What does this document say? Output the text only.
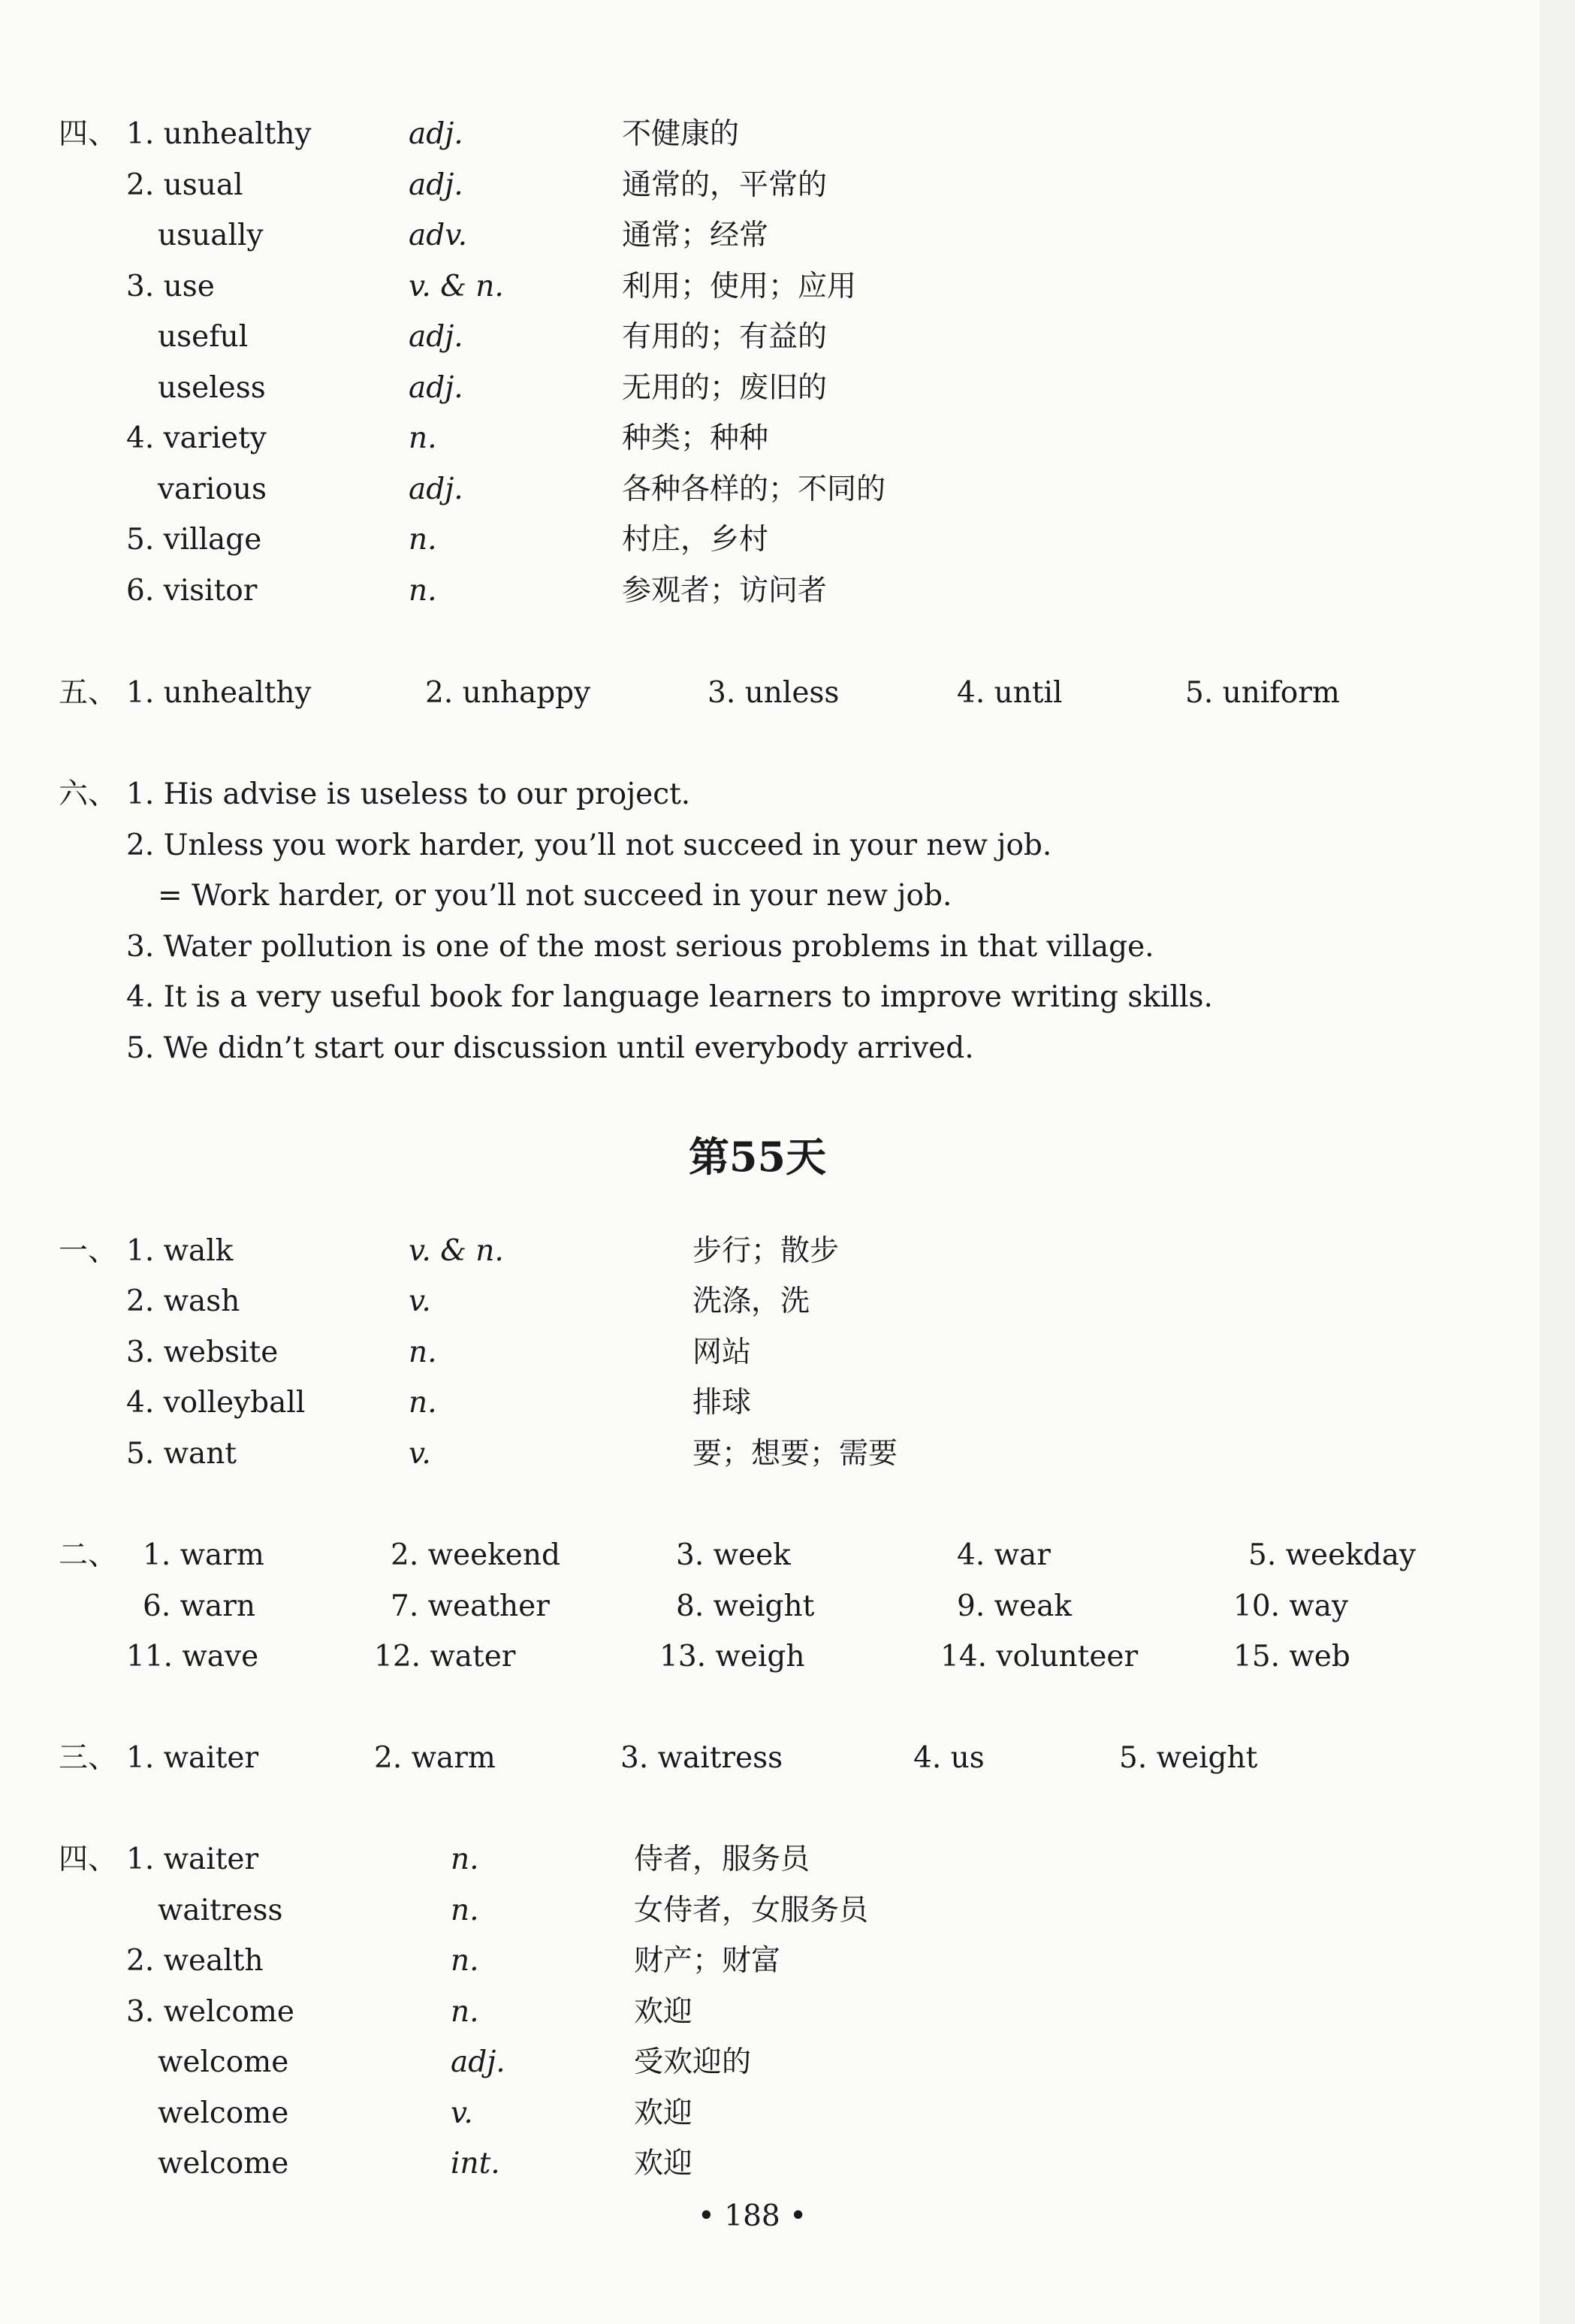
四、 1. unhealthy	adj.	不健康的
2. usual	adj.	通常的，平常的
usually	adv.	通常；经常
3. use	v. & n.	利用；使用；应用
useful	adj.	有用的；有益的
useless	adj.	无用的；废旧的
4. variety	n.	种类；种种
various	adj.	各种各样的；不同的
5. village	n.	村庄，乡村
6. visitor	n.	参观者；访问者
五、 1. unhealthy	2. unhappy	3. unless	4. until	5. uniform
六、 1. His advise is useless to our project.
2. Unless you work harder, you’ll not succeed in your new job.
= Work harder, or you’ll not succeed in your new job.
3. Water pollution is one of the most serious problems in that village.
4. It is a very useful book for language learners to improve writing skills.
5. We didn’t start our discussion until everybody arrived.
第55天
一、 1. walk	v. & n.	步行；散步
2. wash	v.	洗涤，洗
3. website	n.	网站
4. volleyball	n.	排球
5. want	v.	要；想要；需要
二、 1. warm	2. weekend	3. week	4. war	5. weekday
6. warn	7. weather	8. weight	9. weak	10. way
11. wave	12. water	13. weigh	14. volunteer	15. web
三、 1. waiter	2. warm	3. waitress	4. us	5. weight
四、 1. waiter	n.	侍者，服务员
waitress	n.	女侍者，女服务员
2. wealth	n.	财产；财富
3. welcome	n.	欢迎
welcome	adj.	受欢迎的
welcome	v.	欢迎
welcome	int.	欢迎
• 188 •
